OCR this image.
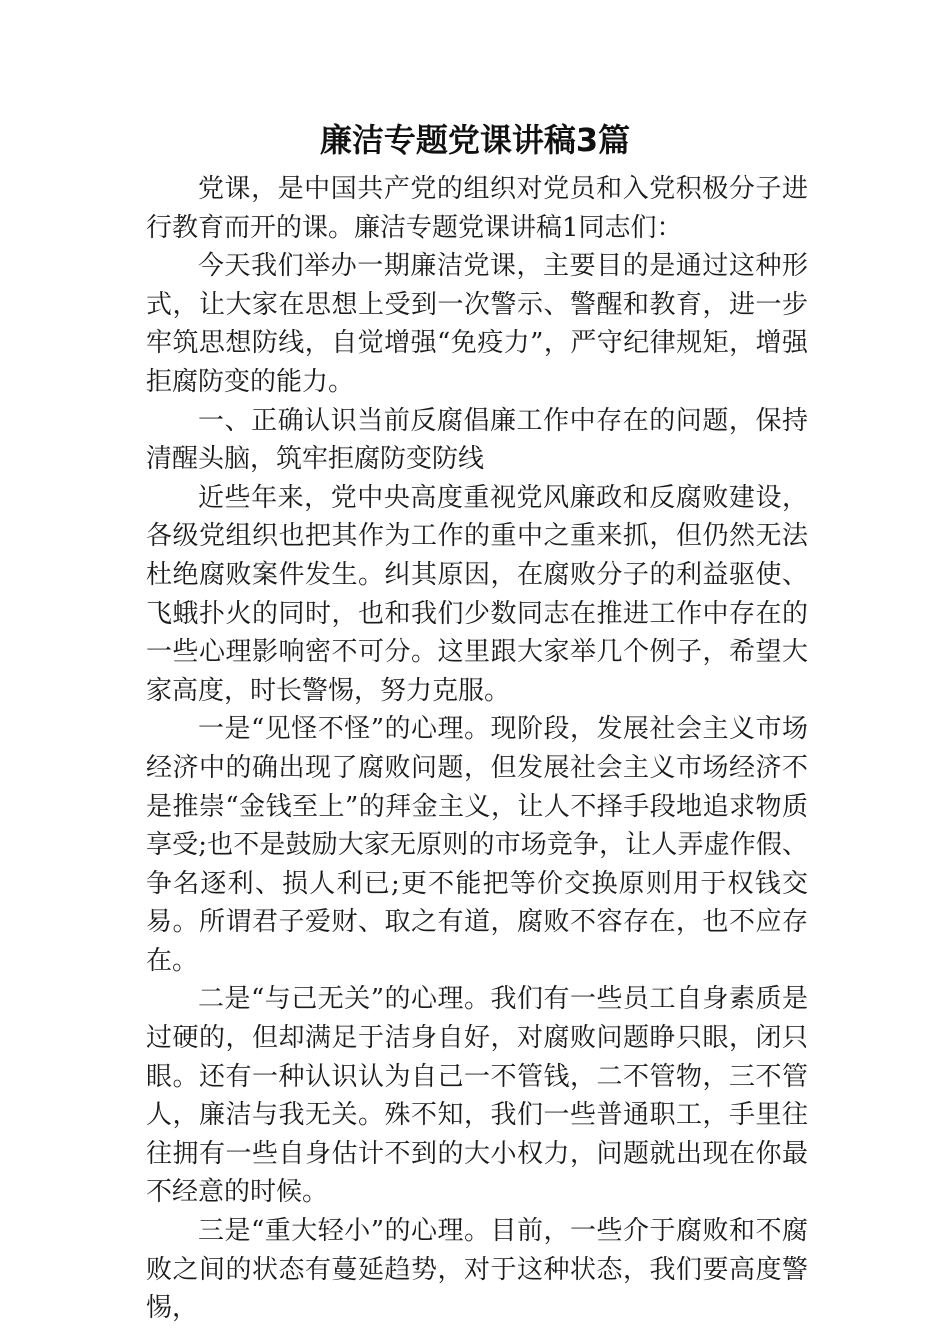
廉洁专题党课讲稿3篇

党课，是中国共产党的组织对党员和入党积极分子进行教育而开的课。廉洁专题党课讲稿1同志们：

今天我们举办一期廉洁党课，主要目的是通过这种形式，让大家在思想上受到一次警示、警醒和教育，进一步牢筑思想防线，自觉增强“免疫力”，严守纪律规矩，增强拒腐防变的能力。

一、正确认识当前反腐倡廉工作中存在的问题，保持清醒头脑，筑牢拒腐防变防线

近些年来，党中央高度重视党风廉政和反腐败建设，各级党组织也把其作为工作的重中之重来抓，但仍然无法杜绝腐败案件发生。纠其原因，在腐败分子的利益驱使、飞蛾扑火的同时，也和我们少数同志在推进工作中存在的一些心理影响密不可分。这里跟大家举几个例子，希望大家高度，时长警惕，努力克服。

一是“见怪不怪”的心理。现阶段，发展社会主义市场经济中的确出现了腐败问题，但发展社会主义市场经济不是推崇“金钱至上”的拜金主义，让人不择手段地追求物质享受;也不是鼓励大家无原则的市场竞争，让人弄虚作假、争名逐利、损人利已;更不能把等价交换原则用于权钱交易。所谓君子爱财、取之有道，腐败不容存在，也不应存在。

二是“与己无关”的心理。我们有一些员工自身素质是过硬的，但却满足于洁身自好，对腐败问题睁只眼，闭只眼。还有一种认识认为自己一不管钱，二不管物，三不管人，廉洁与我无关。殊不知，我们一些普通职工，手里往往拥有一些自身估计不到的大小权力，问题就出现在你最不经意的时候。

三是“重大轻小”的心理。目前，一些介于腐败和不腐败之间的状态有蔓延趋势，对于这种状态，我们要高度警惕，
